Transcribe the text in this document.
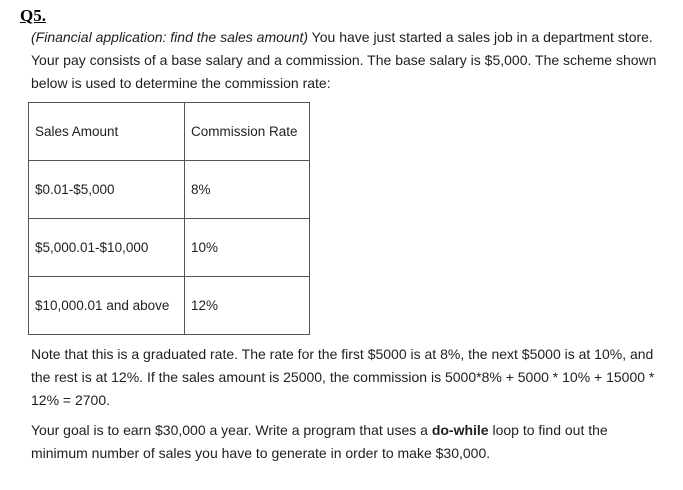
Q5.

(Financial application: find the sales amount) You have just started a sales job in a department store. Your pay consists of a base salary and a commission. The base salary is $5,000. The scheme shown below is used to determine the commission rate:

Sales Amount	Commission Rate
$0.01-$5,000	8%
$5,000.01-$10,000	10%
$10,000.01 and above	12%

Note that this is a graduated rate. The rate for the first $5000 is at 8%, the next $5000 is at 10%, and the rest is at 12%. If the sales amount is 25000, the commission is 5000*8% + 5000 * 10% + 15000 * 12% = 2700.

Your goal is to earn $30,000 a year. Write a program that uses a do-while loop to find out the minimum number of sales you have to generate in order to make $30,000.
